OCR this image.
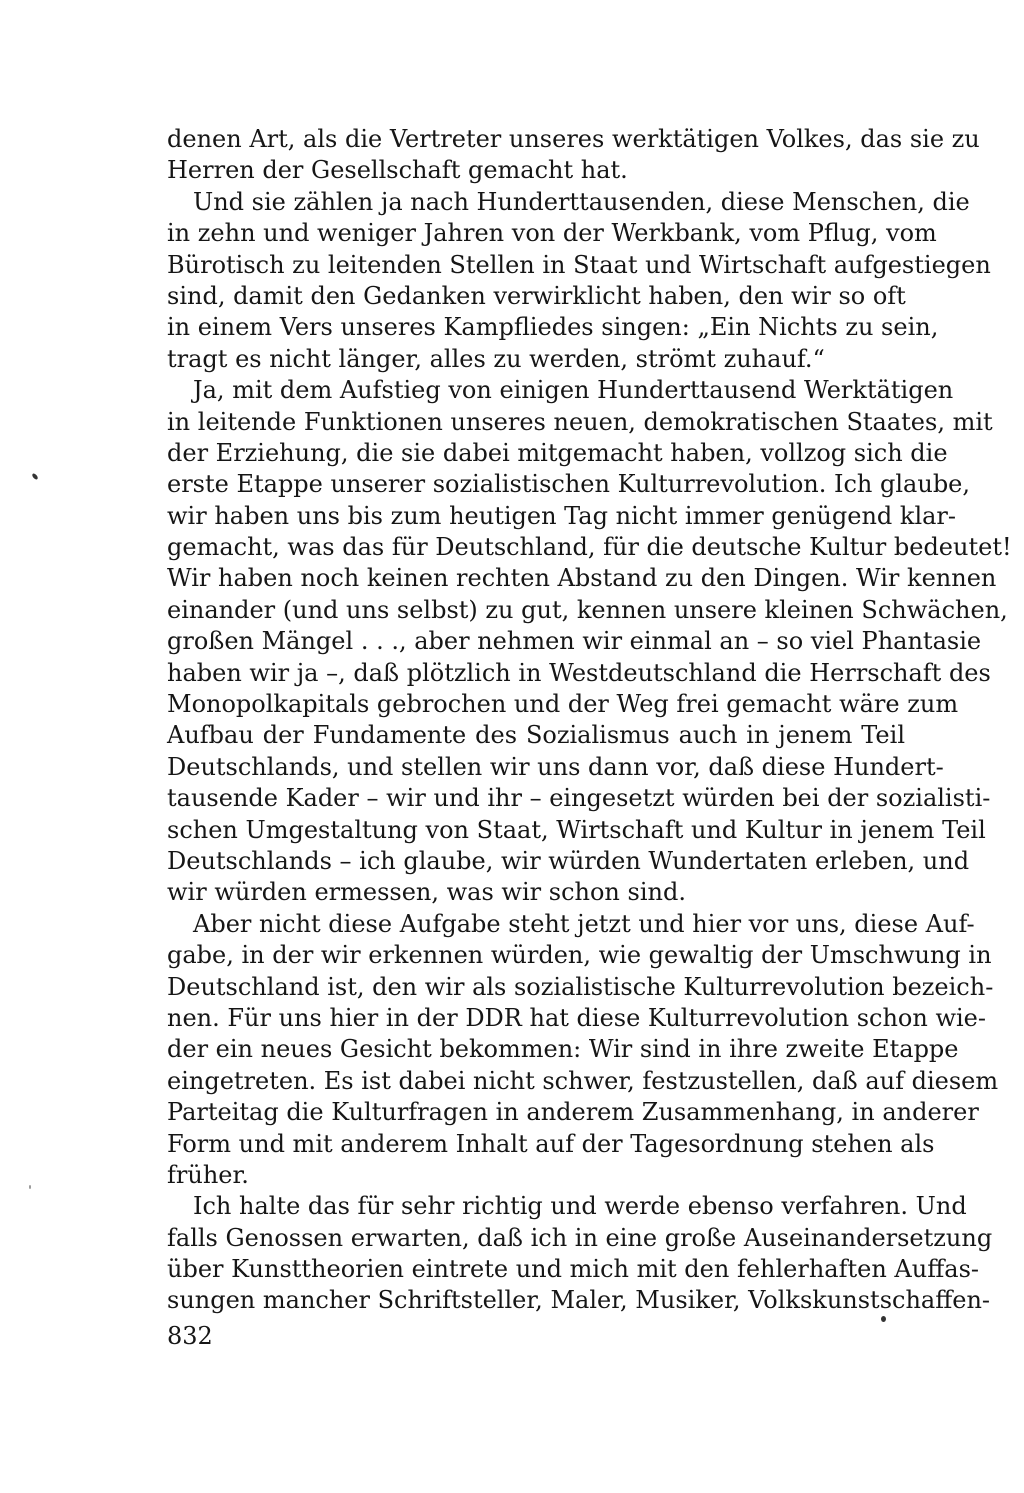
denen Art, als die Vertreter unseres werktätigen Volkes, das sie zu
Herren der Gesellschaft gemacht hat.
Und sie zählen ja nach Hunderttausenden, diese Menschen, die
in zehn und weniger Jahren von der Werkbank, vom Pflug, vom
Bürotisch zu leitenden Stellen in Staat und Wirtschaft aufgestiegen
sind, damit den Gedanken verwirklicht haben, den wir so oft
in einem Vers unseres Kampfliedes singen: „Ein Nichts zu sein,
tragt es nicht länger, alles zu werden, strömt zuhauf.“
Ja, mit dem Aufstieg von einigen Hunderttausend Werktätigen
in leitende Funktionen unseres neuen, demokratischen Staates, mit
der Erziehung, die sie dabei mitgemacht haben, vollzog sich die
erste Etappe unserer sozialistischen Kulturrevolution. Ich glaube,
wir haben uns bis zum heutigen Tag nicht immer genügend klar-
gemacht, was das für Deutschland, für die deutsche Kultur bedeutet!
Wir haben noch keinen rechten Abstand zu den Dingen. Wir kennen
einander (und uns selbst) zu gut, kennen unsere kleinen Schwächen,
großen Mängel . . ., aber nehmen wir einmal an – so viel Phantasie
haben wir ja –, daß plötzlich in Westdeutschland die Herrschaft des
Monopolkapitals gebrochen und der Weg frei gemacht wäre zum
Aufbau der Fundamente des Sozialismus auch in jenem Teil
Deutschlands, und stellen wir uns dann vor, daß diese Hundert-
tausende Kader – wir und ihr – eingesetzt würden bei der sozialisti-
schen Umgestaltung von Staat, Wirtschaft und Kultur in jenem Teil
Deutschlands – ich glaube, wir würden Wundertaten erleben, und
wir würden ermessen, was wir schon sind.
Aber nicht diese Aufgabe steht jetzt und hier vor uns, diese Auf-
gabe, in der wir erkennen würden, wie gewaltig der Umschwung in
Deutschland ist, den wir als sozialistische Kulturrevolution bezeich-
nen. Für uns hier in der DDR hat diese Kulturrevolution schon wie-
der ein neues Gesicht bekommen: Wir sind in ihre zweite Etappe
eingetreten. Es ist dabei nicht schwer, festzustellen, daß auf diesem
Parteitag die Kulturfragen in anderem Zusammenhang, in anderer
Form und mit anderem Inhalt auf der Tagesordnung stehen als
früher.
Ich halte das für sehr richtig und werde ebenso verfahren. Und
falls Genossen erwarten, daß ich in eine große Auseinandersetzung
über Kunsttheorien eintrete und mich mit den fehlerhaften Auffas-
sungen mancher Schriftsteller, Maler, Musiker, Volkskunstschaffen-
832
